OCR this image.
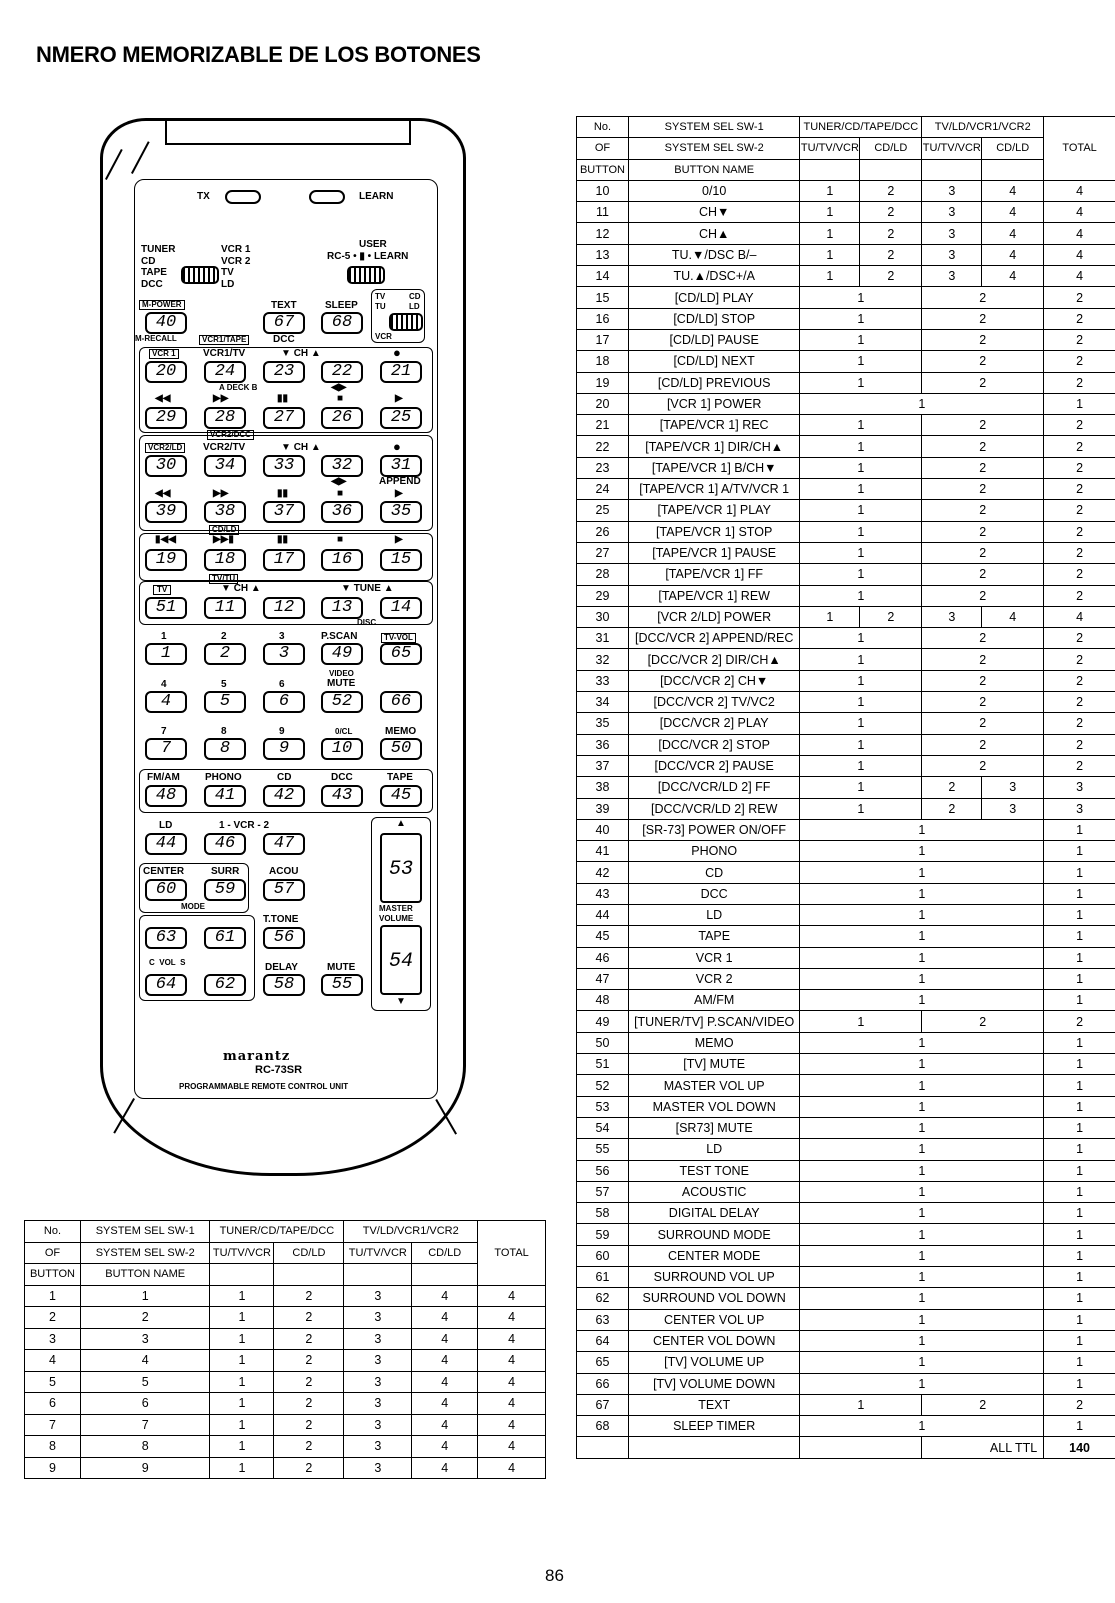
NMERO MEMORIZABLE DE LOS BOTONES
TX	LEARN
TUNER
CD
TAPE
DCC
VCR 1
VCR 2
TV
LD
USER
RC-5 • ▮ • LEARN
M-POWER
40
M-RECALL	VCR1/TAPE
TEXT	SLEEP
67	68
DCC
TV	CD
TU	LD
VCR
VCR 1	VCR1/TV	▼ CH ▲	●
20	24	23	22	21
A DECK B	◀▶
◀◀	▶▶	▮▮	■	▶
29	28	27	26	25
VCR2/DCC
VCR2/LD	VCR2/TV	▼ CH ▲	●
30	34	33	32	31
◀▶	APPEND
◀◀	▶▶	▮▮	■	▶
39	38	37	36	35
CD/LD
▮◀◀	▶▶▮	▮▮	■	▶
19	18	17	16	15
TV/TU
TV	▼ CH ▲	▼ TUNE ▲
51	11	12	13	14
DISC
1	2	3	P.SCAN	TV-VOL
1	2	3	49	65
4	5	6
VIDEO
MUTE
4	5	6	52	66
7	8	9	0/CL	MEMO
7	8	9	10	50
FM/AM	PHONO	CD	DCC	TAPE
48	41	42	43	45
LD	1 - VCR - 2
44	46	47
▲
53
MASTER
VOLUME
54
▼
CENTER	SURR	ACOU
60	59	57
MODE
T.TONE
63	61	56
C VOL S	DELAY	MUTE
64	62	58	55
marantz
RC-73SR
PROGRAMMABLE REMOTE CONTROL UNIT
No.	SYSTEM SEL SW-1	TUNER/CD/TAPE/DCC		TV/LD/VCR1/VCR2		TOTAL
OF	SYSTEM SEL SW-2	TU/TV/VCR	CD/LD	TU/TV/VCR	CD/LD	
BUTTON	BUTTON NAME					
1	1	1	2	3	4	4
2	2	1	2	3	4	4
3	3	1	2	3	4	4
4	4	1	2	3	4	4
5	5	1	2	3	4	4
6	6	1	2	3	4	4
7	7	1	2	3	4	4
8	8	1	2	3	4	4
9	9	1	2	3	4	4
No.	SYSTEM SEL SW-1	TUNER/CD/TAPE/DCC		TV/LD/VCR1/VCR2		TOTAL
OF	SYSTEM SEL SW-2	TU/TV/VCR	CD/LD	TU/TV/VCR	CD/LD	
BUTTON	BUTTON NAME					
10	0/10	1	2	3	4	4
11	CH▼	1	2	3	4	4
12	CH▲	1	2	3	4	4
13	TU.▼/DSC B/–	1	2	3	4	4
14	TU.▲/DSC+/A	1	2	3	4	4
15	[CD/LD] PLAY	1		2		2
16	[CD/LD] STOP	1		2		2
17	[CD/LD] PAUSE	1		2		2
18	[CD/LD] NEXT	1		2		2
19	[CD/LD] PREVIOUS	1		2		2
20	[VCR 1] POWER	1				1
21	[TAPE/VCR 1] REC	1		2		2
22	[TAPE/VCR 1] DIR/CH▲	1		2		2
23	[TAPE/VCR 1] B/CH▼	1		2		2
24	[TAPE/VCR 1] A/TV/VCR 1	1		2		2
25	[TAPE/VCR 1] PLAY	1		2		2
26	[TAPE/VCR 1] STOP	1		2		2
27	[TAPE/VCR 1] PAUSE	1		2		2
28	[TAPE/VCR 1] FF	1		2		2
29	[TAPE/VCR 1] REW	1		2		2
30	[VCR 2/LD] POWER	1	2	3	4	4
31	[DCC/VCR 2] APPEND/REC	1		2		2
32	[DCC/VCR 2] DIR/CH▲	1		2		2
33	[DCC/VCR 2] CH▼	1		2		2
34	[DCC/VCR 2] TV/VC2	1		2		2
35	[DCC/VCR 2] PLAY	1		2		2
36	[DCC/VCR 2] STOP	1		2		2
37	[DCC/VCR 2] PAUSE	1		2		2
38	[DCC/VCR/LD 2] FF	1		2	3	3
39	[DCC/VCR/LD 2] REW	1		2	3	3
40	[SR-73] POWER ON/OFF	1				1
41	PHONO	1				1
42	CD	1				1
43	DCC	1				1
44	LD	1				1
45	TAPE	1				1
46	VCR 1	1				1
47	VCR 2	1				1
48	AM/FM	1				1
49	[TUNER/TV] P.SCAN/VIDEO	1		2		2
50	MEMO	1				1
51	[TV] MUTE	1				1
52	MASTER VOL UP	1				1
53	MASTER VOL DOWN	1				1
54	[SR73] MUTE	1				1
55	LD	1				1
56	TEST TONE	1				1
57	ACOUSTIC	1				1
58	DIGITAL DELAY	1				1
59	SURROUND MODE	1				1
60	CENTER MODE	1				1
61	SURROUND VOL UP	1				1
62	SURROUND VOL DOWN	1				1
63	CENTER VOL UP	1				1
64	CENTER VOL DOWN	1				1
65	[TV] VOLUME UP	1				1
66	[TV] VOLUME DOWN	1				1
67	TEXT	1		2		2
68	SLEEP TIMER	1				1
				ALL TTL		140
86
